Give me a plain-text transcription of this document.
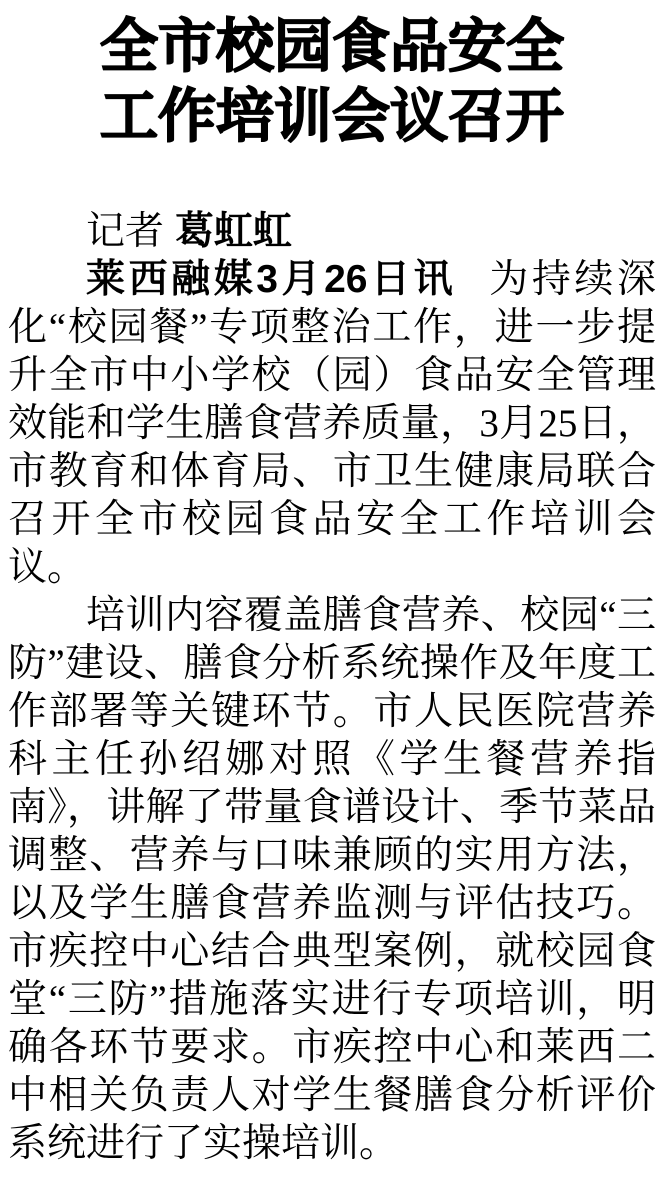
全市校园食品安全
工作培训会议召开

记者 葛虹虹

莱西融媒3月26日讯 为持续深化“校园餐”专项整治工作，进一步提升全市中小学校（园）食品安全管理效能和学生膳食营养质量，3月25日，市教育和体育局、市卫生健康局联合召开全市校园食品安全工作培训会议。

培训内容覆盖膳食营养、校园“三防”建设、膳食分析系统操作及年度工作部署等关键环节。市人民医院营养科主任孙绍娜对照《学生餐营养指南》，讲解了带量食谱设计、季节菜品调整、营养与口味兼顾的实用方法，以及学生膳食营养监测与评估技巧。市疾控中心结合典型案例，就校园食堂“三防”措施落实进行专项培训，明确各环节要求。市疾控中心和莱西二中相关负责人对学生餐膳食分析评价系统进行了实操培训。
